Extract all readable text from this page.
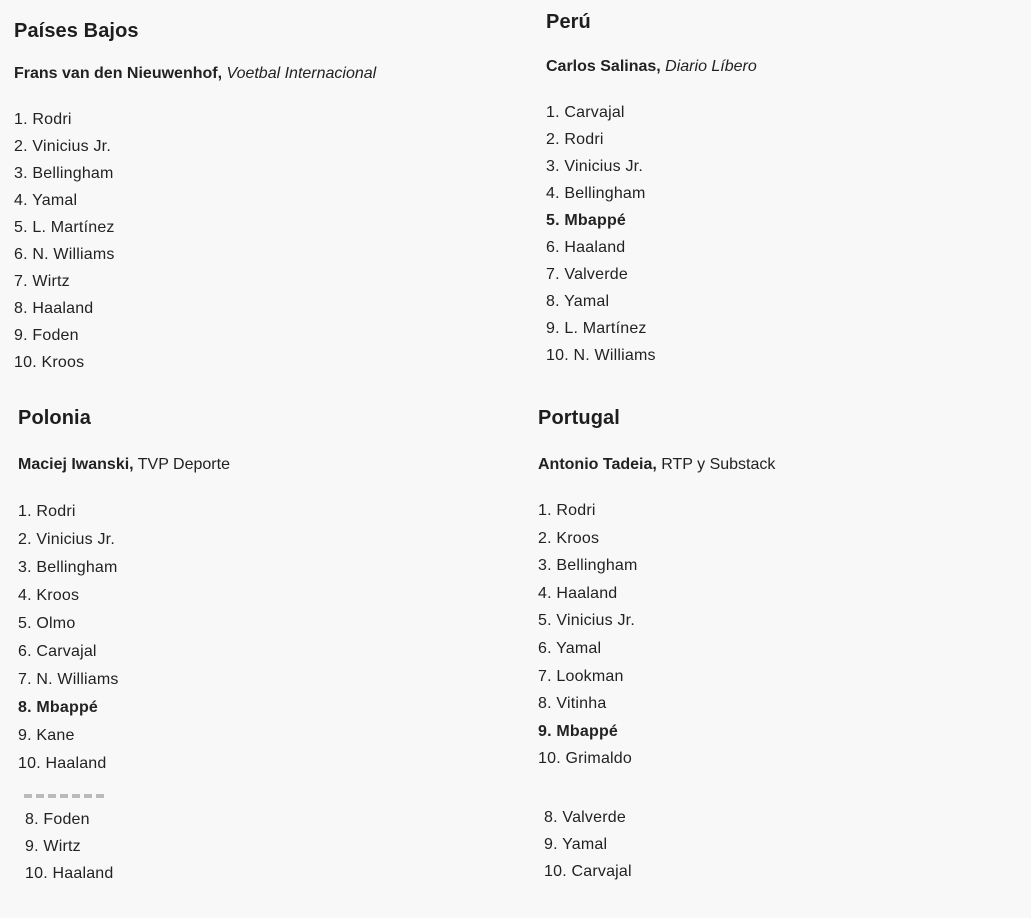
Países Bajos

Frans van den Nieuwenhof, Voetbal Internacional

1. Rodri
2. Vinicius Jr.
3. Bellingham
4. Yamal
5. L. Martínez
6. N. Williams
7. Wirtz
8. Haaland
9. Foden
10. Kroos
Perú

Carlos Salinas, Diario Líbero

1. Carvajal
2. Rodri
3. Vinicius Jr.
4. Bellingham
5. Mbappé
6. Haaland
7. Valverde
8. Yamal
9. L. Martínez
10. N. Williams
Polonia

Maciej Iwanski, TVP Deporte

1. Rodri
2. Vinicius Jr.
3. Bellingham
4. Kroos
5. Olmo
6. Carvajal
7. N. Williams
8. Mbappé
9. Kane
10. Haaland
Portugal

Antonio Tadeia, RTP y Substack

1. Rodri
2. Kroos
3. Bellingham
4. Haaland
5. Vinicius Jr.
6. Yamal
7. Lookman
8. Vitinha
9. Mbappé
10. Grimaldo
8. Foden
9. Wirtz
10. Haaland
8. Valverde
9. Yamal
10. Carvajal
